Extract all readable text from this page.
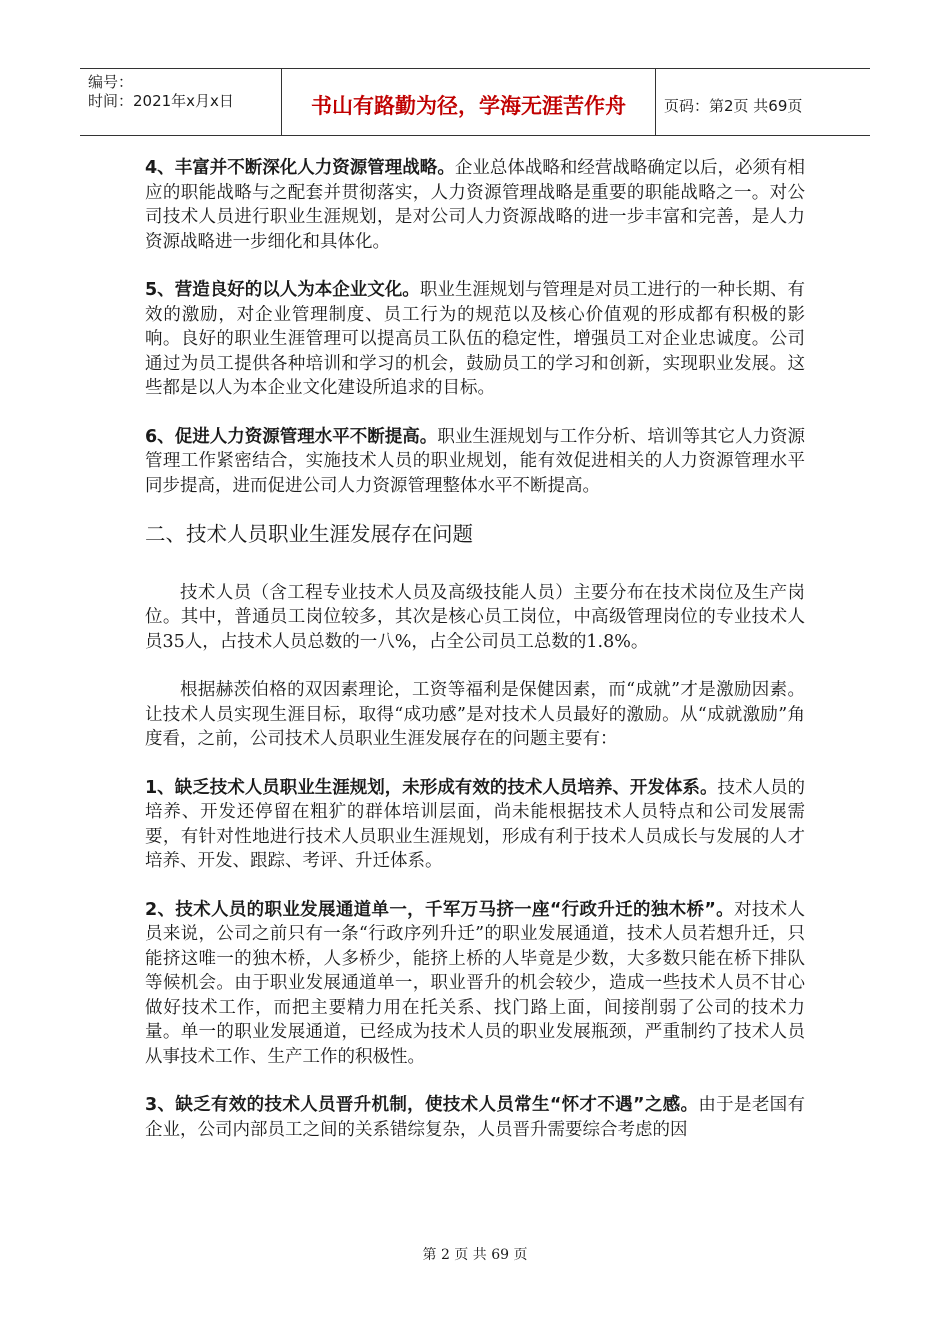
编号：
时间：2021年x月x日	书山有路勤为径，学海无涯苦作舟	页码：第2页 共69页

4、丰富并不断深化人力资源管理战略。企业总体战略和经营战略确定以后，必须有相应的职能战略与之配套并贯彻落实，人力资源管理战略是重要的职能战略之一。对公司技术人员进行职业生涯规划，是对公司人力资源战略的进一步丰富和完善，是人力资源战略进一步细化和具体化。

5、营造良好的以人为本企业文化。职业生涯规划与管理是对员工进行的一种长期、有效的激励，对企业管理制度、员工行为的规范以及核心价值观的形成都有积极的影响。良好的职业生涯管理可以提高员工队伍的稳定性，增强员工对企业忠诚度。公司通过为员工提供各种培训和学习的机会，鼓励员工的学习和创新，实现职业发展。这些都是以人为本企业文化建设所追求的目标。

6、促进人力资源管理水平不断提高。职业生涯规划与工作分析、培训等其它人力资源管理工作紧密结合，实施技术人员的职业规划，能有效促进相关的人力资源管理水平同步提高，进而促进公司人力资源管理整体水平不断提高。

二、技术人员职业生涯发展存在问题

技术人员（含工程专业技术人员及高级技能人员）主要分布在技术岗位及生产岗位。其中，普通员工岗位较多，其次是核心员工岗位，中高级管理岗位的专业技术人员35人，占技术人员总数的一八%，占全公司员工总数的1.8%。

根据赫茨伯格的双因素理论，工资等福利是保健因素，而“成就”才是激励因素。让技术人员实现生涯目标，取得“成功感”是对技术人员最好的激励。从“成就激励”角度看，之前，公司技术人员职业生涯发展存在的问题主要有：

1、缺乏技术人员职业生涯规划，未形成有效的技术人员培养、开发体系。技术人员的培养、开发还停留在粗犷的群体培训层面，尚未能根据技术人员特点和公司发展需要，有针对性地进行技术人员职业生涯规划，形成有利于技术人员成长与发展的人才培养、开发、跟踪、考评、升迁体系。

2、技术人员的职业发展通道单一，千军万马挤一座“行政升迁的独木桥”。对技术人员来说，公司之前只有一条“行政序列升迁”的职业发展通道，技术人员若想升迁，只能挤这唯一的独木桥，人多桥少，能挤上桥的人毕竟是少数，大多数只能在桥下排队等候机会。由于职业发展通道单一，职业晋升的机会较少，造成一些技术人员不甘心做好技术工作，而把主要精力用在托关系、找门路上面，间接削弱了公司的技术力量。单一的职业发展通道，已经成为技术人员的职业发展瓶颈，严重制约了技术人员从事技术工作、生产工作的积极性。

3、缺乏有效的技术人员晋升机制，使技术人员常生“怀才不遇”之感。由于是老国有企业，公司内部员工之间的关系错综复杂，人员晋升需要综合考虑的因

第 2 页 共 69 页
